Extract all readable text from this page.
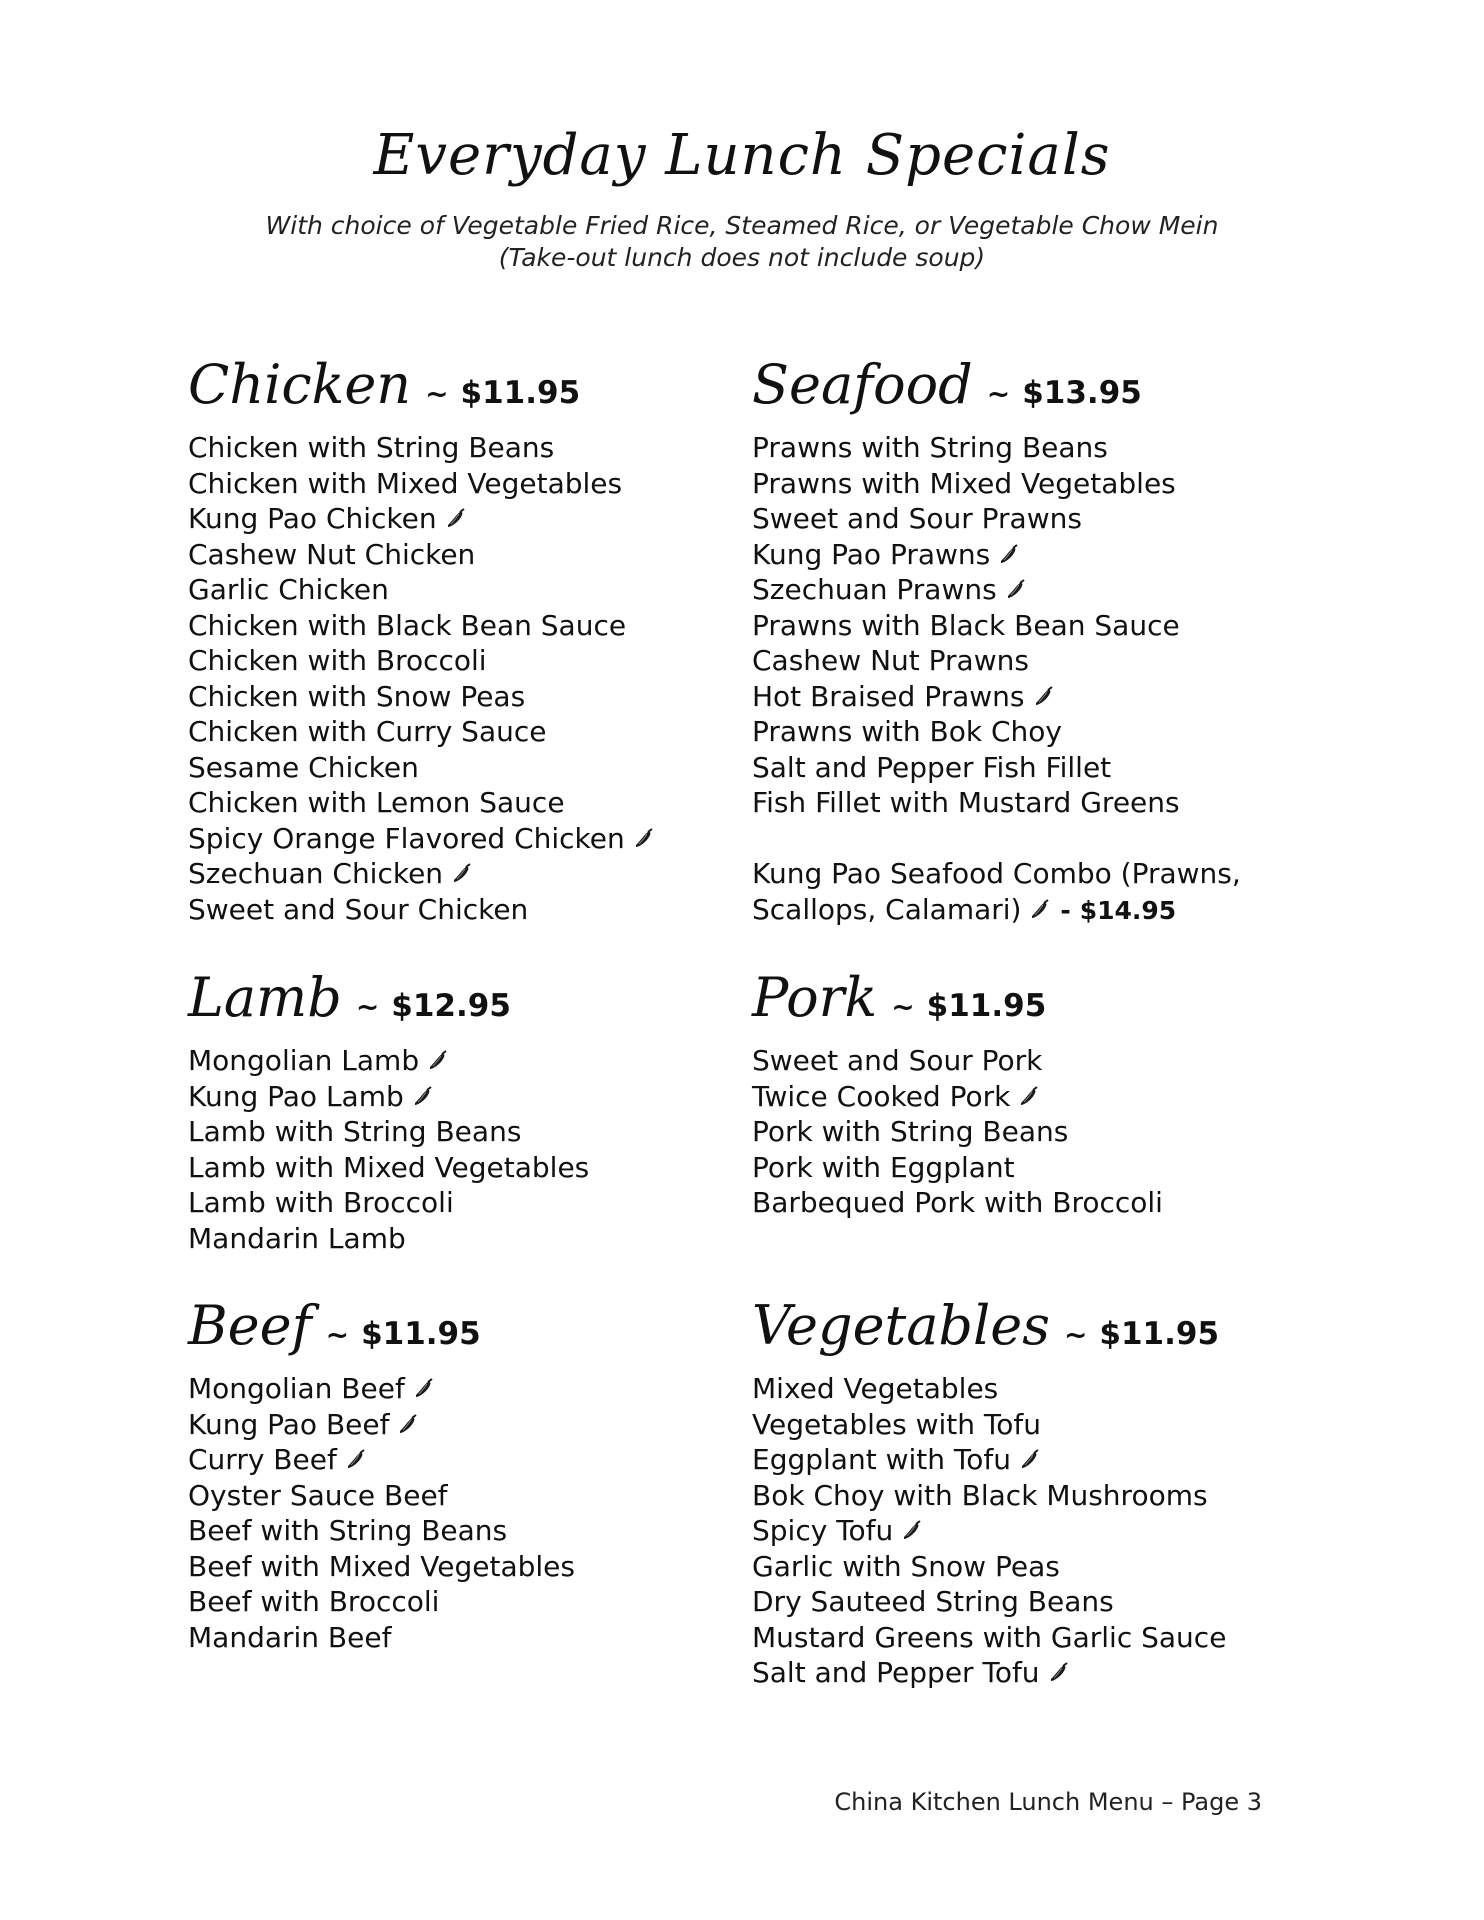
Everyday Lunch Specials
With choice of Vegetable Fried Rice, Steamed Rice, or Vegetable Chow Mein
(Take-out lunch does not include soup)
Chicken ~ $11.95
Chicken with String Beans
Chicken with Mixed Vegetables
Kung Pao Chicken
Cashew Nut Chicken
Garlic Chicken
Chicken with Black Bean Sauce
Chicken with Broccoli
Chicken with Snow Peas
Chicken with Curry Sauce
Sesame Chicken
Chicken with Lemon Sauce
Spicy Orange Flavored Chicken
Szechuan Chicken
Sweet and Sour Chicken
Seafood ~ $13.95
Prawns with String Beans
Prawns with Mixed Vegetables
Sweet and Sour Prawns
Kung Pao Prawns
Szechuan Prawns
Prawns with Black Bean Sauce
Cashew Nut Prawns
Hot Braised Prawns
Prawns with Bok Choy
Salt and Pepper Fish Fillet
Fish Fillet with Mustard Greens
Kung Pao Seafood Combo (Prawns,
Scallops, Calamari) - $14.95
Lamb ~ $12.95
Mongolian Lamb
Kung Pao Lamb
Lamb with String Beans
Lamb with Mixed Vegetables
Lamb with Broccoli
Mandarin Lamb
Pork ~ $11.95
Sweet and Sour Pork
Twice Cooked Pork
Pork with String Beans
Pork with Eggplant
Barbequed Pork with Broccoli
Beef ~ $11.95
Mongolian Beef
Kung Pao Beef
Curry Beef
Oyster Sauce Beef
Beef with String Beans
Beef with Mixed Vegetables
Beef with Broccoli
Mandarin Beef
Vegetables ~ $11.95
Mixed Vegetables
Vegetables with Tofu
Eggplant with Tofu
Bok Choy with Black Mushrooms
Spicy Tofu
Garlic with Snow Peas
Dry Sauteed String Beans
Mustard Greens with Garlic Sauce
Salt and Pepper Tofu
China Kitchen Lunch Menu – Page 3
